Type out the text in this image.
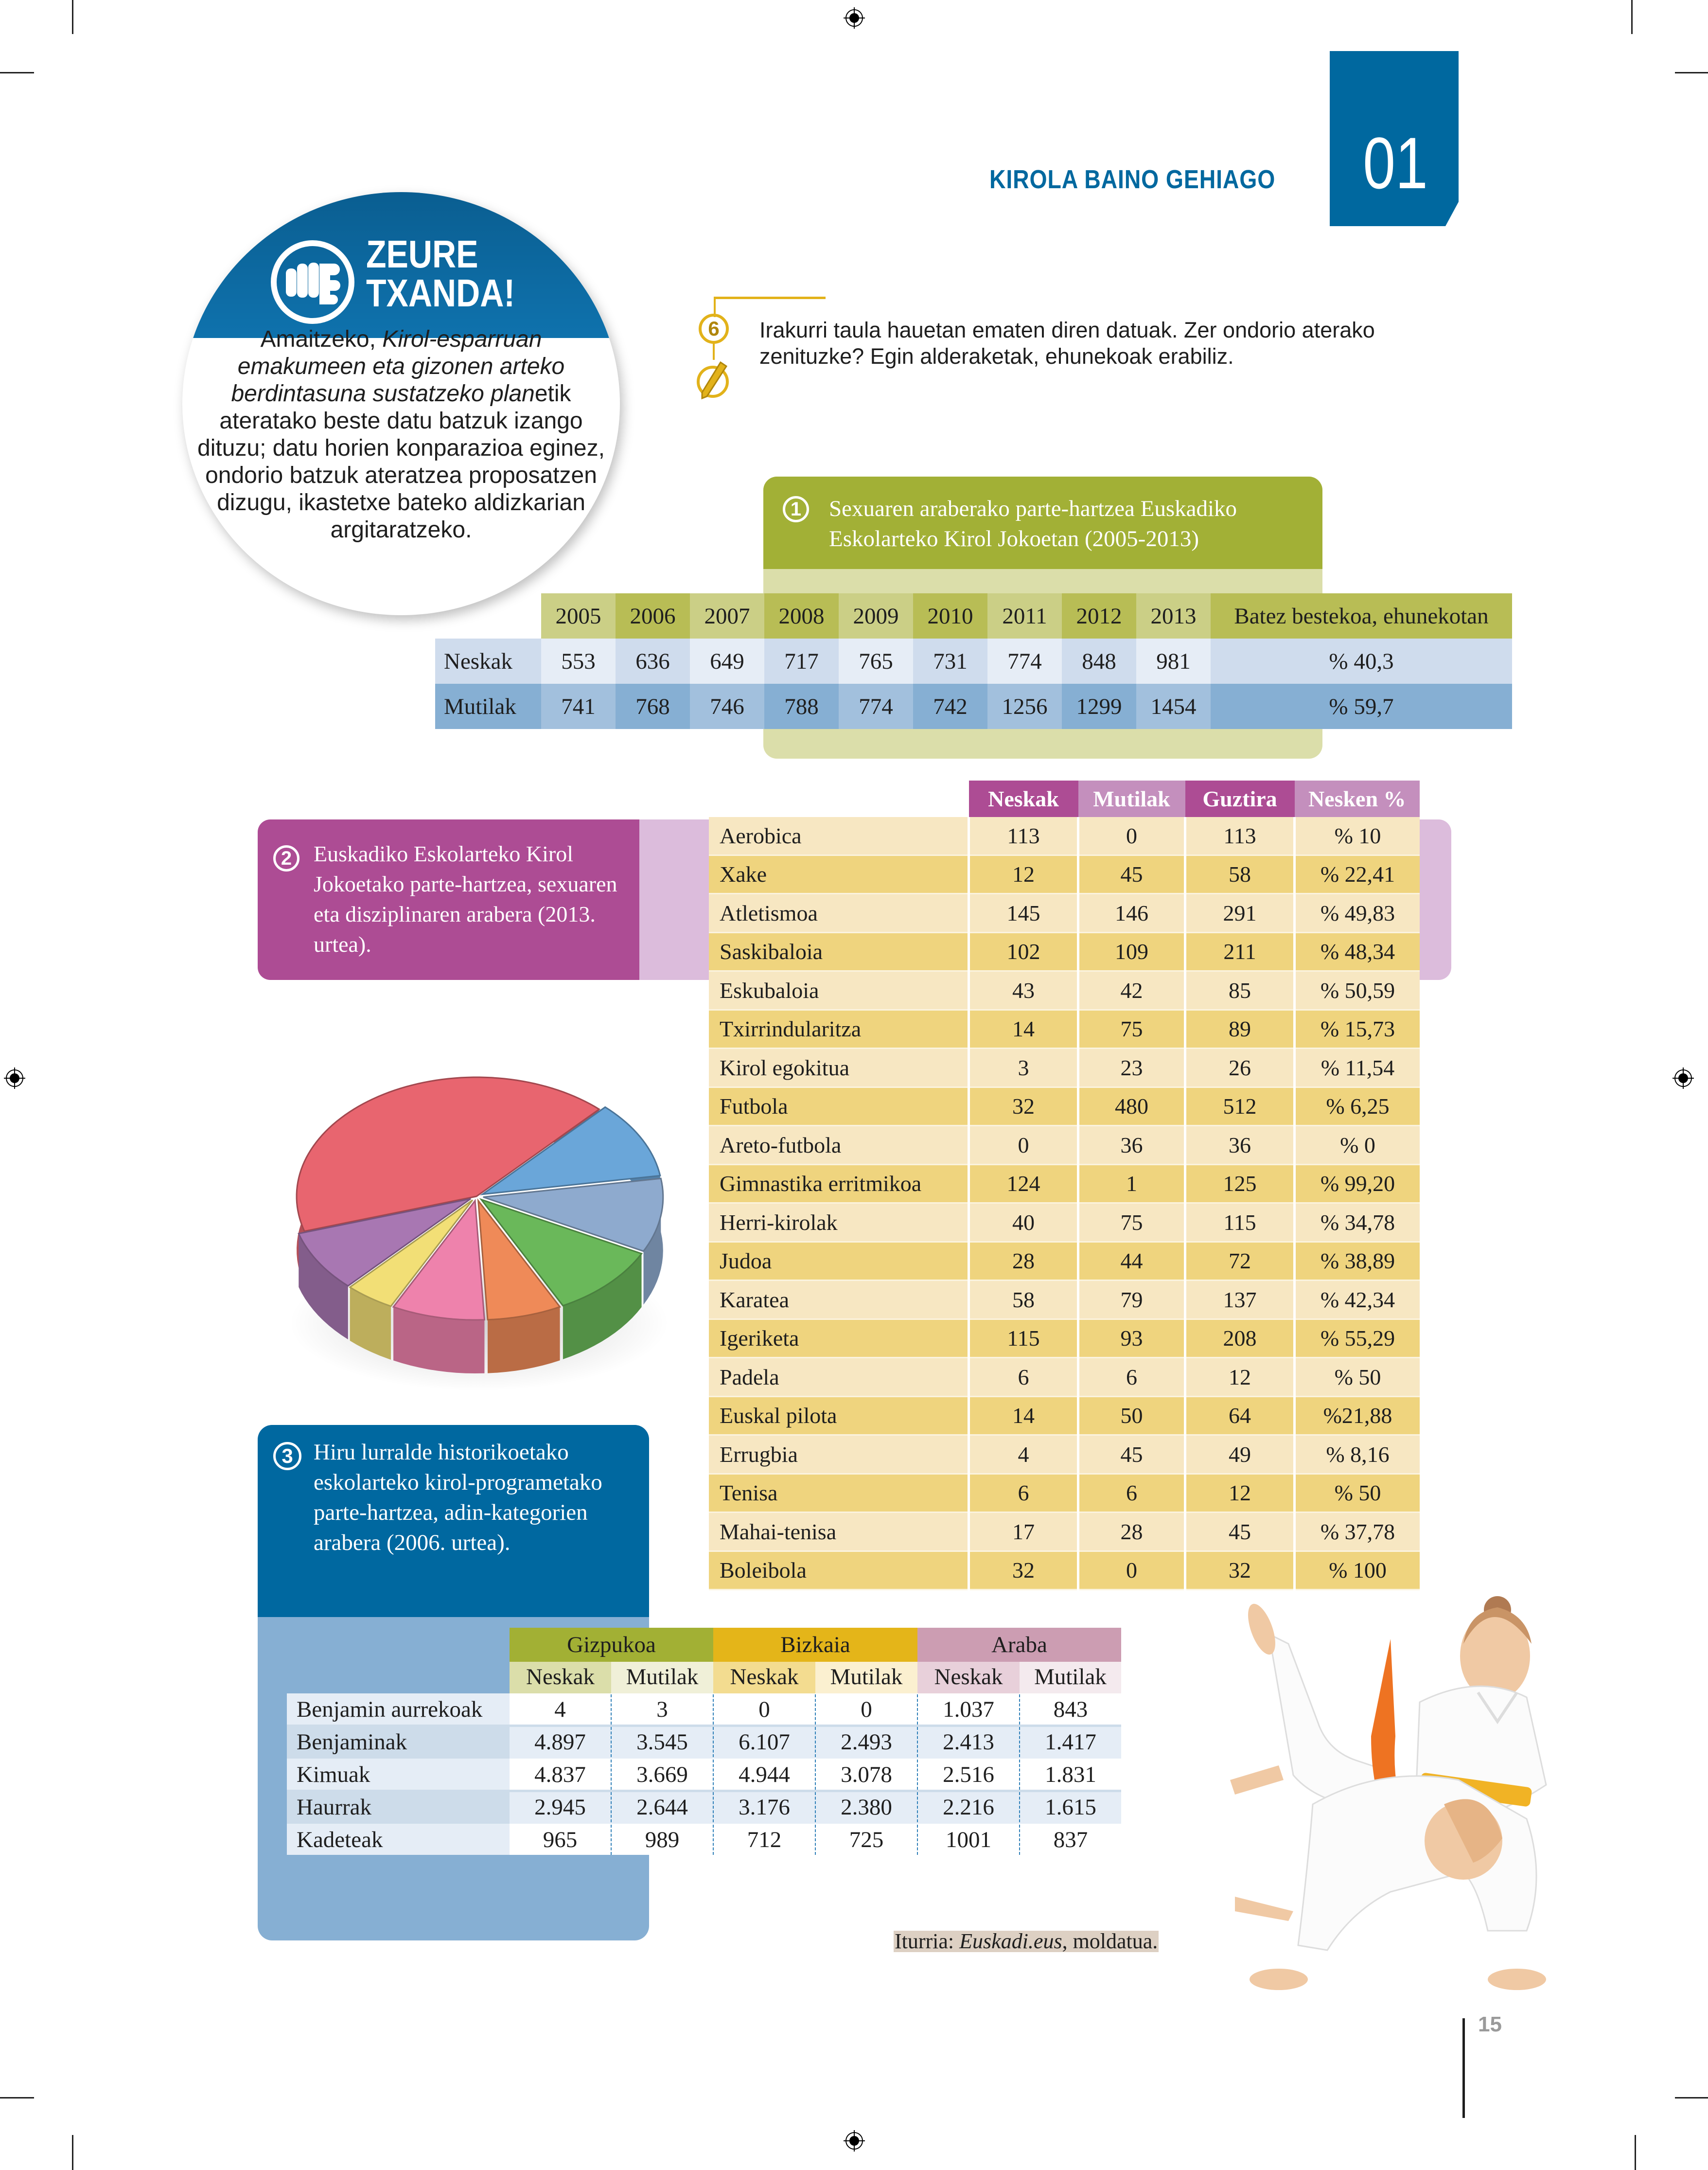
KIROLA BAINO GEHIAGO 01
ZEURE
TXANDA!
Amaitzeko, Kirol-esparruan emakumeen eta gizonen arteko berdintasuna sustatzeko planetik ateratako beste datu batzuk izango dituzu; datu horien konparazioa eginez, ondorio batzuk ateratzea proposatzen dizugu, ikastetxe bateko aldizkarian argitaratzeko.
6	Irakurri taula hauetan ematen diren datuak. Zer ondorio aterako zenituzke? Egin alderaketak, ehunekoak erabiliz.
1	Sexuaren araberako parte-hartzea Euskadiko Eskolarteko Kirol Jokoetan (2005-2013)
	2005	2006	2007	2008	2009	2010	2011	2012	2013	Batez bestekoa, ehunekotan
Neskak	553	636	649	717	765	731	774	848	981	% 40,3
Mutilak	741	768	746	788	774	742	1256	1299	1454	% 59,7
2 Euskadiko Eskolarteko Kirol Jokoetako parte-hartzea, sexuaren eta disziplinaren arabera (2013. urtea).
	Neskak	Mutilak	Guztira	Nesken %
Aerobica	113	0	113	% 10
Xake	12	45	58	% 22,41
Atletismoa	145	146	291	% 49,83
Saskibaloia	102	109	211	% 48,34
Eskubaloia	43	42	85	% 50,59
Txirrindularitza	14	75	89	% 15,73
Kirol egokitua	3	23	26	% 11,54
Futbola	32	480	512	% 6,25
Areto-futbola	0	36	36	% 0
Gimnastika erritmikoa	124	1	125	% 99,20
Herri-kirolak	40	75	115	% 34,78
Judoa	28	44	72	% 38,89
Karatea	58	79	137	% 42,34
Igeriketa	115	93	208	% 55,29
Padela	6	6	12	% 50
Euskal pilota	14	50	64	%21,88
Errugbia	4	45	49	% 8,16
Tenisa	6	6	12	% 50
Mahai-tenisa	17	28	45	% 37,78
Boleibola	32	0	32	% 100
3 Hiru lurralde historikoetako eskolarteko kirol-programetako parte-hartzea, adin-kategorien arabera (2006. urtea).
	Gizpukoa		Bizkaia		Araba	
	Neskak	Mutilak	Neskak	Mutilak	Neskak	Mutilak
Benjamin aurrekoak	4	3	0	0	1.037	843
Benjaminak	4.897	3.545	6.107	2.493	2.413	1.417
Kimuak	4.837	3.669	4.944	3.078	2.516	1.831
Haurrak	2.945	2.644	3.176	2.380	2.216	1.615
Kadeteak	965	989	712	725	1001	837
Iturria: Euskadi.eus, moldatua.
15
